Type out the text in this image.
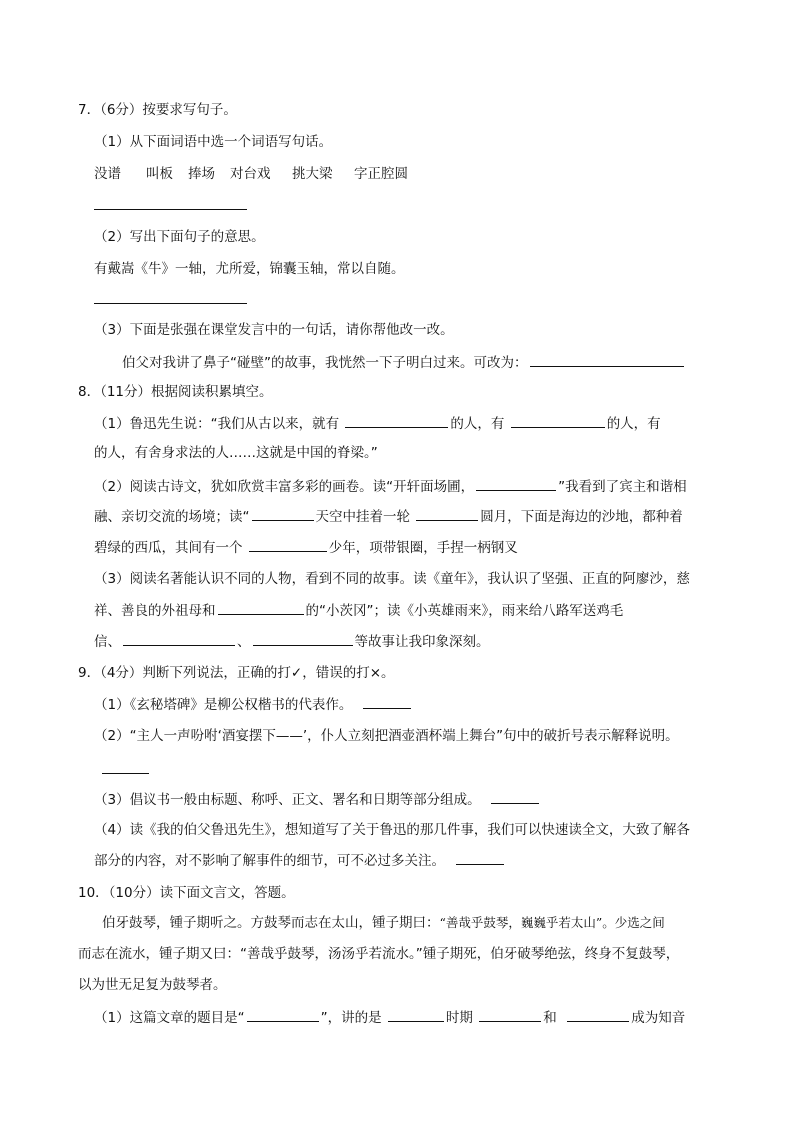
7．（6分）按要求写句子。
（1）从下面词语中选一个词语写句话。
没谱 叫板 捧场 对台戏 挑大梁 字正腔圆
（2）写出下面句子的意思。
有戴嵩《牛》一轴，尤所爱，锦囊玉轴，常以自随。
（3）下面是张强在课堂发言中的一句话，请你帮他改一改。
伯父对我讲了鼻子“碰壁”的故事，我恍然一下子明白过来。可改为：
8．（11分）根据阅读积累填空。
（1）鲁迅先生说：“我们从古以来，就有	的人，有	的人，有
的人，有舍身求法的人……这就是中国的脊梁。”
（2）阅读古诗文，犹如欣赏丰富多彩的画卷。读“开轩面场圃，	”我看到了宾主和谐相
融、亲切交流的场境；读“	天空中挂着一轮	圆月，下面是海边的沙地，都种着
碧绿的西瓜，其间有一个	少年，项带银圈，手捏一柄钢叉
（3）阅读名著能认识不同的人物，看到不同的故事。读《童年》，我认识了坚强、正直的阿廖沙，慈
祥、善良的外祖母和	的“小茨冈”；读《小英雄雨来》，雨来给八路军送鸡毛
信、	、	等故事让我印象深刻。
9．（4分）判断下列说法，正确的打✓，错误的打×。
（1）《玄秘塔碑》是柳公权楷书的代表作。
（2）“主人一声吩咐‘酒宴摆下——’，仆人立刻把酒壶酒杯端上舞台”句中的破折号表示解释说明。
（3）倡议书一般由标题、称呼、正文、署名和日期等部分组成。
（4）读《我的伯父鲁迅先生》，想知道写了关于鲁迅的那几件事，我们可以快速读全文，大致了解各
部分的内容，对不影响了解事件的细节，可不必过多关注。
10．（10分）读下面文言文，答题。
伯牙鼓琴，锺子期听之。方鼓琴而志在太山，锺子期曰：“善哉乎鼓琴，巍巍乎若太山”。少选之间
而志在流水，锺子期又曰：“善哉乎鼓琴，汤汤乎若流水。”锺子期死，伯牙破琴绝弦，终身不复鼓琴，
以为世无足复为鼓琴者。
（1）这篇文章的题目是“	”，讲的是	时期	和	成为知音
